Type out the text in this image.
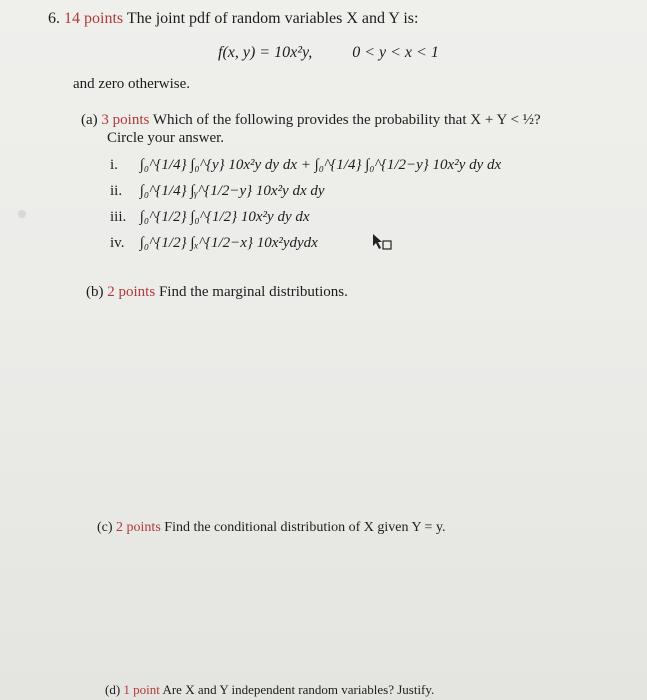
6. 14 points The joint pdf of random variables X and Y is:
f(x, y) = 10x²y,	0 < y < x < 1
and zero otherwise.
(a) 3 points Which of the following provides the probability that X + Y < ½?
Circle your answer.
i. ∫₀^{1/4} ∫₀^{y} 10x²y dy dx + ∫₀^{1/4} ∫₀^{1/2−y} 10x²y dy dx
ii. ∫₀^{1/4} ∫ᵧ^{1/2−y} 10x²y dx dy
iii. ∫₀^{1/2} ∫₀^{1/2} 10x²y dy dx
iv. ∫₀^{1/2} ∫ₓ^{1/2−x} 10x²ydydx
(b) 2 points Find the marginal distributions.
(c) 2 points Find the conditional distribution of X given Y = y.
(d) 1 point Are X and Y independent random variables? Justify.
